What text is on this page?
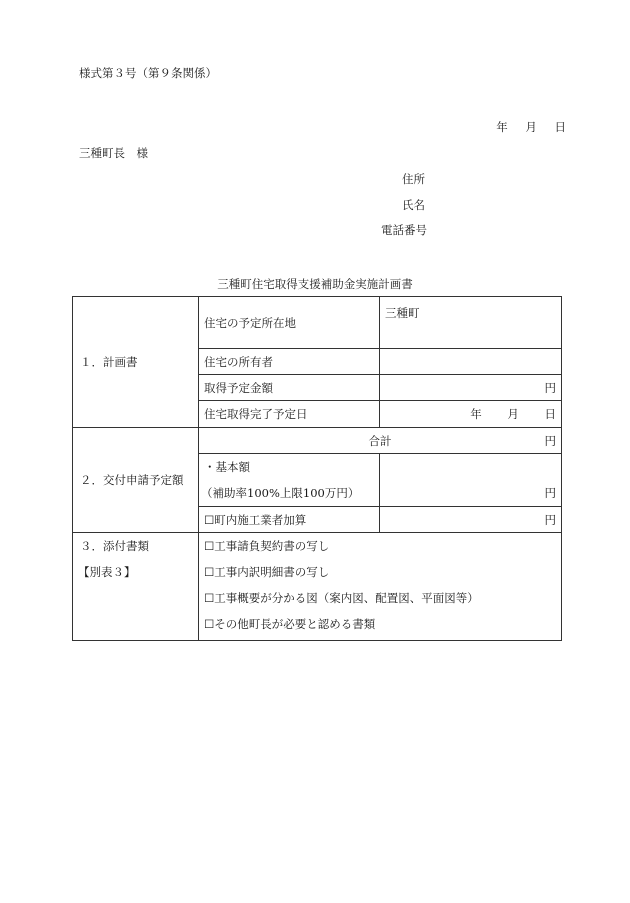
様式第３号（第９条関係）
年 月 日
三種町長　様
住所
氏名
電話番号
三種町住宅取得支援補助金実施計画書
１．計画書	住宅の予定所在地	三種町
	住宅の所有者	
	取得予定金額	円
	住宅取得完了予定日	年 月 日
２．交付申請予定額	合計 円	

	・基本額
（補助率100%上限100万円） 円	

	☐町内施工業者加算	円

３．添付書類
【別表３】	☐工事請負契約書の写し
☐工事内訳明細書の写し
☐工事概要が分かる図（案内図、配置図、平面図等）
☐その他町長が必要と認める書類	
